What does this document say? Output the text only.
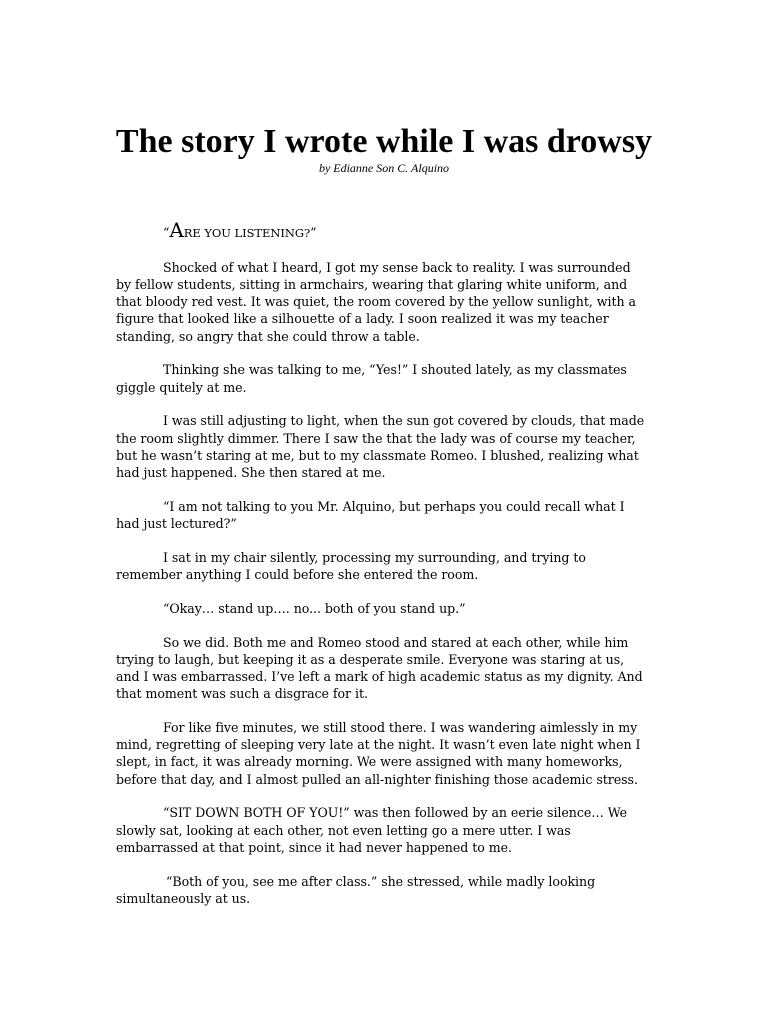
The story I wrote while I was drowsy

by Edianne Son C. Alquino

“ARE YOU LISTENING?”

Shocked of what I heard, I got my sense back to reality. I was surrounded by fellow students, sitting in armchairs, wearing that glaring white uniform, and that bloody red vest. It was quiet, the room covered by the yellow sunlight, with a figure that looked like a silhouette of a lady. I soon realized it was my teacher standing, so angry that she could throw a table.

Thinking she was talking to me, “Yes!” I shouted lately, as my classmates giggle quitely at me.

I was still adjusting to light, when the sun got covered by clouds, that made the room slightly dimmer. There I saw the that the lady was of course my teacher, but he wasn’t staring at me, but to my classmate Romeo. I blushed, realizing what had just happened. She then stared at me.

“I am not talking to you Mr. Alquino, but perhaps you could recall what I had just lectured?”

I sat in my chair silently, processing my surrounding, and trying to remember anything I could before she entered the room.

“Okay… stand up…. no... both of you stand up.”

So we did. Both me and Romeo stood and stared at each other, while him trying to laugh, but keeping it as a desperate smile. Everyone was staring at us, and I was embarrassed. I’ve left a mark of high academic status as my dignity. And that moment was such a disgrace for it.

For like five minutes, we still stood there. I was wandering aimlessly in my mind, regretting of sleeping very late at the night. It wasn’t even late night when I slept, in fact, it was already morning. We were assigned with many homeworks, before that day, and I almost pulled an all-nighter finishing those academic stress.

“SIT DOWN BOTH OF YOU!” was then followed by an eerie silence… We slowly sat, looking at each other, not even letting go a mere utter. I was embarrassed at that point, since it had never happened to me.

“Both of you, see me after class.” she stressed, while madly looking simultaneously at us.
